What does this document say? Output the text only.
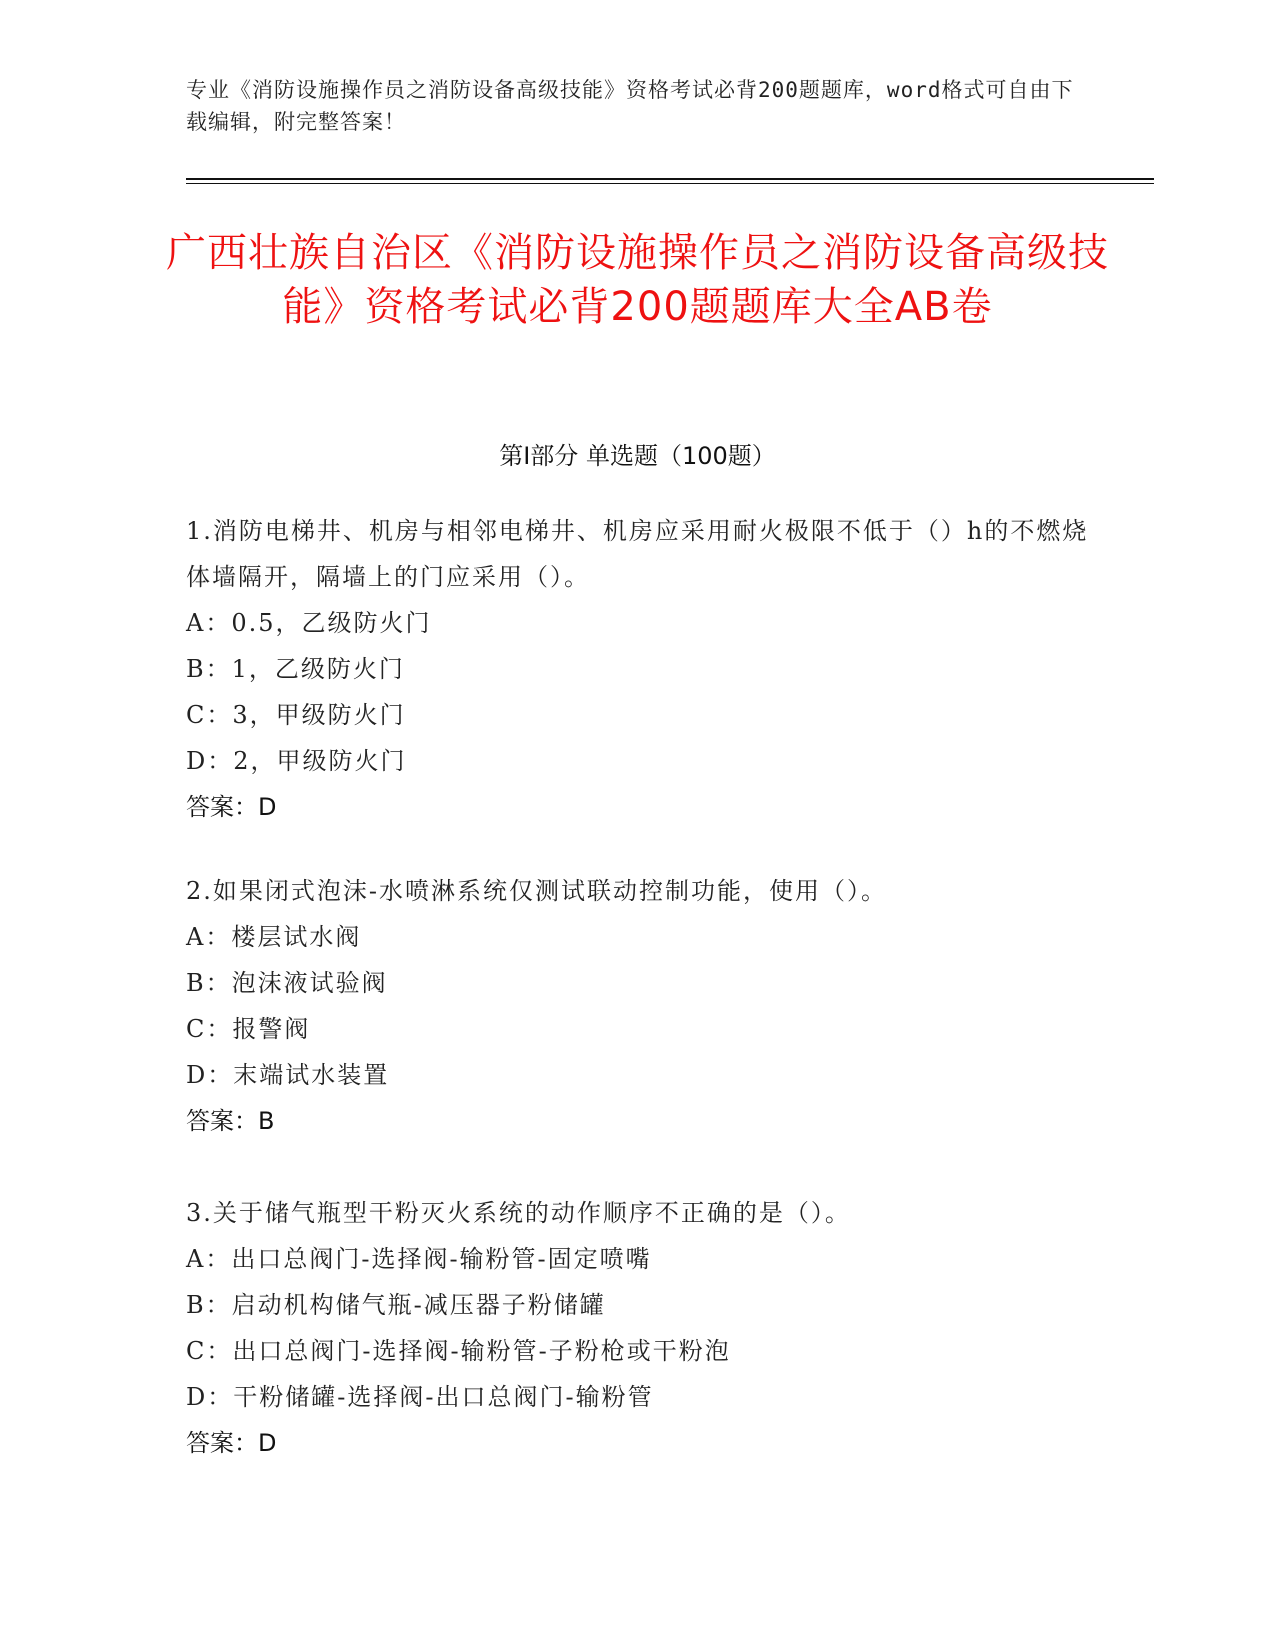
专业《消防设施操作员之消防设备高级技能》资格考试必背200题题库，word格式可自由下载编辑，附完整答案！
广西壮族自治区《消防设施操作员之消防设备高级技能》资格考试必背200题题库大全AB卷
第Ⅰ部分 单选题（100题）
1.消防电梯井、机房与相邻电梯井、机房应采用耐火极限不低于（）h的不燃烧体墙隔开，隔墙上的门应采用（）。
A：0.5，乙级防火门
B：1，乙级防火门
C：3，甲级防火门
D：2，甲级防火门
答案：D
2.如果闭式泡沫-水喷淋系统仅测试联动控制功能，使用（）。
A：楼层试水阀
B：泡沫液试验阀
C：报警阀
D：末端试水装置
答案：B
3.关于储气瓶型干粉灭火系统的动作顺序不正确的是（）。
A：出口总阀门-选择阀-输粉管-固定喷嘴
B：启动机构储气瓶-减压器子粉储罐
C：出口总阀门-选择阀-输粉管-子粉枪或干粉泡
D：干粉储罐-选择阀-出口总阀门-输粉管
答案：D
